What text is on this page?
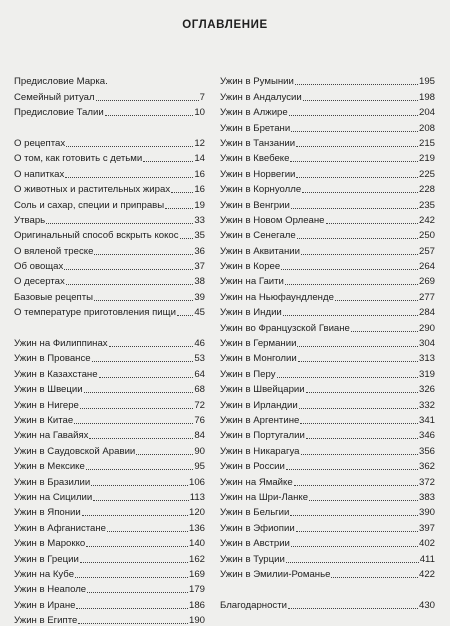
ОГЛАВЛЕНИЕ
Предисловие Марка.
Семейный ритуал	7
Предисловие Талии	10
О рецептах	12
О том, как готовить с детьми	14
О напитках	16
О животных и растительных жирах	16
Соль и сахар, специи и приправы	19
Утварь	33
Оригинальный способ вскрыть кокос 35
О вяленой треске	36
Об овощах	37
О десертах	38
Базовые рецепты	39
О температуре приготовления пищи 45
Ужин на Филиппинах	46
Ужин в Провансе	53
Ужин в Казахстане	64
Ужин в Швеции	68
Ужин в Нигере	72
Ужин в Китае	76
Ужин на Гавайях	84
Ужин в Саудовской Аравии	90
Ужин в Мексике	95
Ужин в Бразилии	106
Ужин на Сицилии	113
Ужин в Японии	120
Ужин в Афганистане	136
Ужин в Марокко	140
Ужин в Греции	162
Ужин на Кубе	169
Ужин в Неаполе	179
Ужин в Иране	186
Ужин в Египте	190
Ужин в Румынии	195
Ужин в Андалусии	198
Ужин в Алжире	204
Ужин в Бретани	208
Ужин в Танзании	215
Ужин в Квебеке	219
Ужин в Норвегии	225
Ужин в Корнуолле	228
Ужин в Венгрии	235
Ужин в Новом Орлеане	242
Ужин в Сенегале	250
Ужин в Аквитании	257
Ужин в Корее	264
Ужин на Гаити	269
Ужин на Ньюфаундленде	277
Ужин в Индии	284
Ужин во Французской Гвиане	290
Ужин в Германии	304
Ужин в Монголии	313
Ужин в Перу	319
Ужин в Швейцарии	326
Ужин в Ирландии	332
Ужин в Аргентине	341
Ужин в Португалии	346
Ужин в Никарагуа	356
Ужин в России	362
Ужин на Ямайке	372
Ужин на Шри-Ланке	383
Ужин в Бельгии	390
Ужин в Эфиопии	397
Ужин в Австрии	402
Ужин в Турции	411
Ужин в Эмилии-Романье	422
Благодарности	430
